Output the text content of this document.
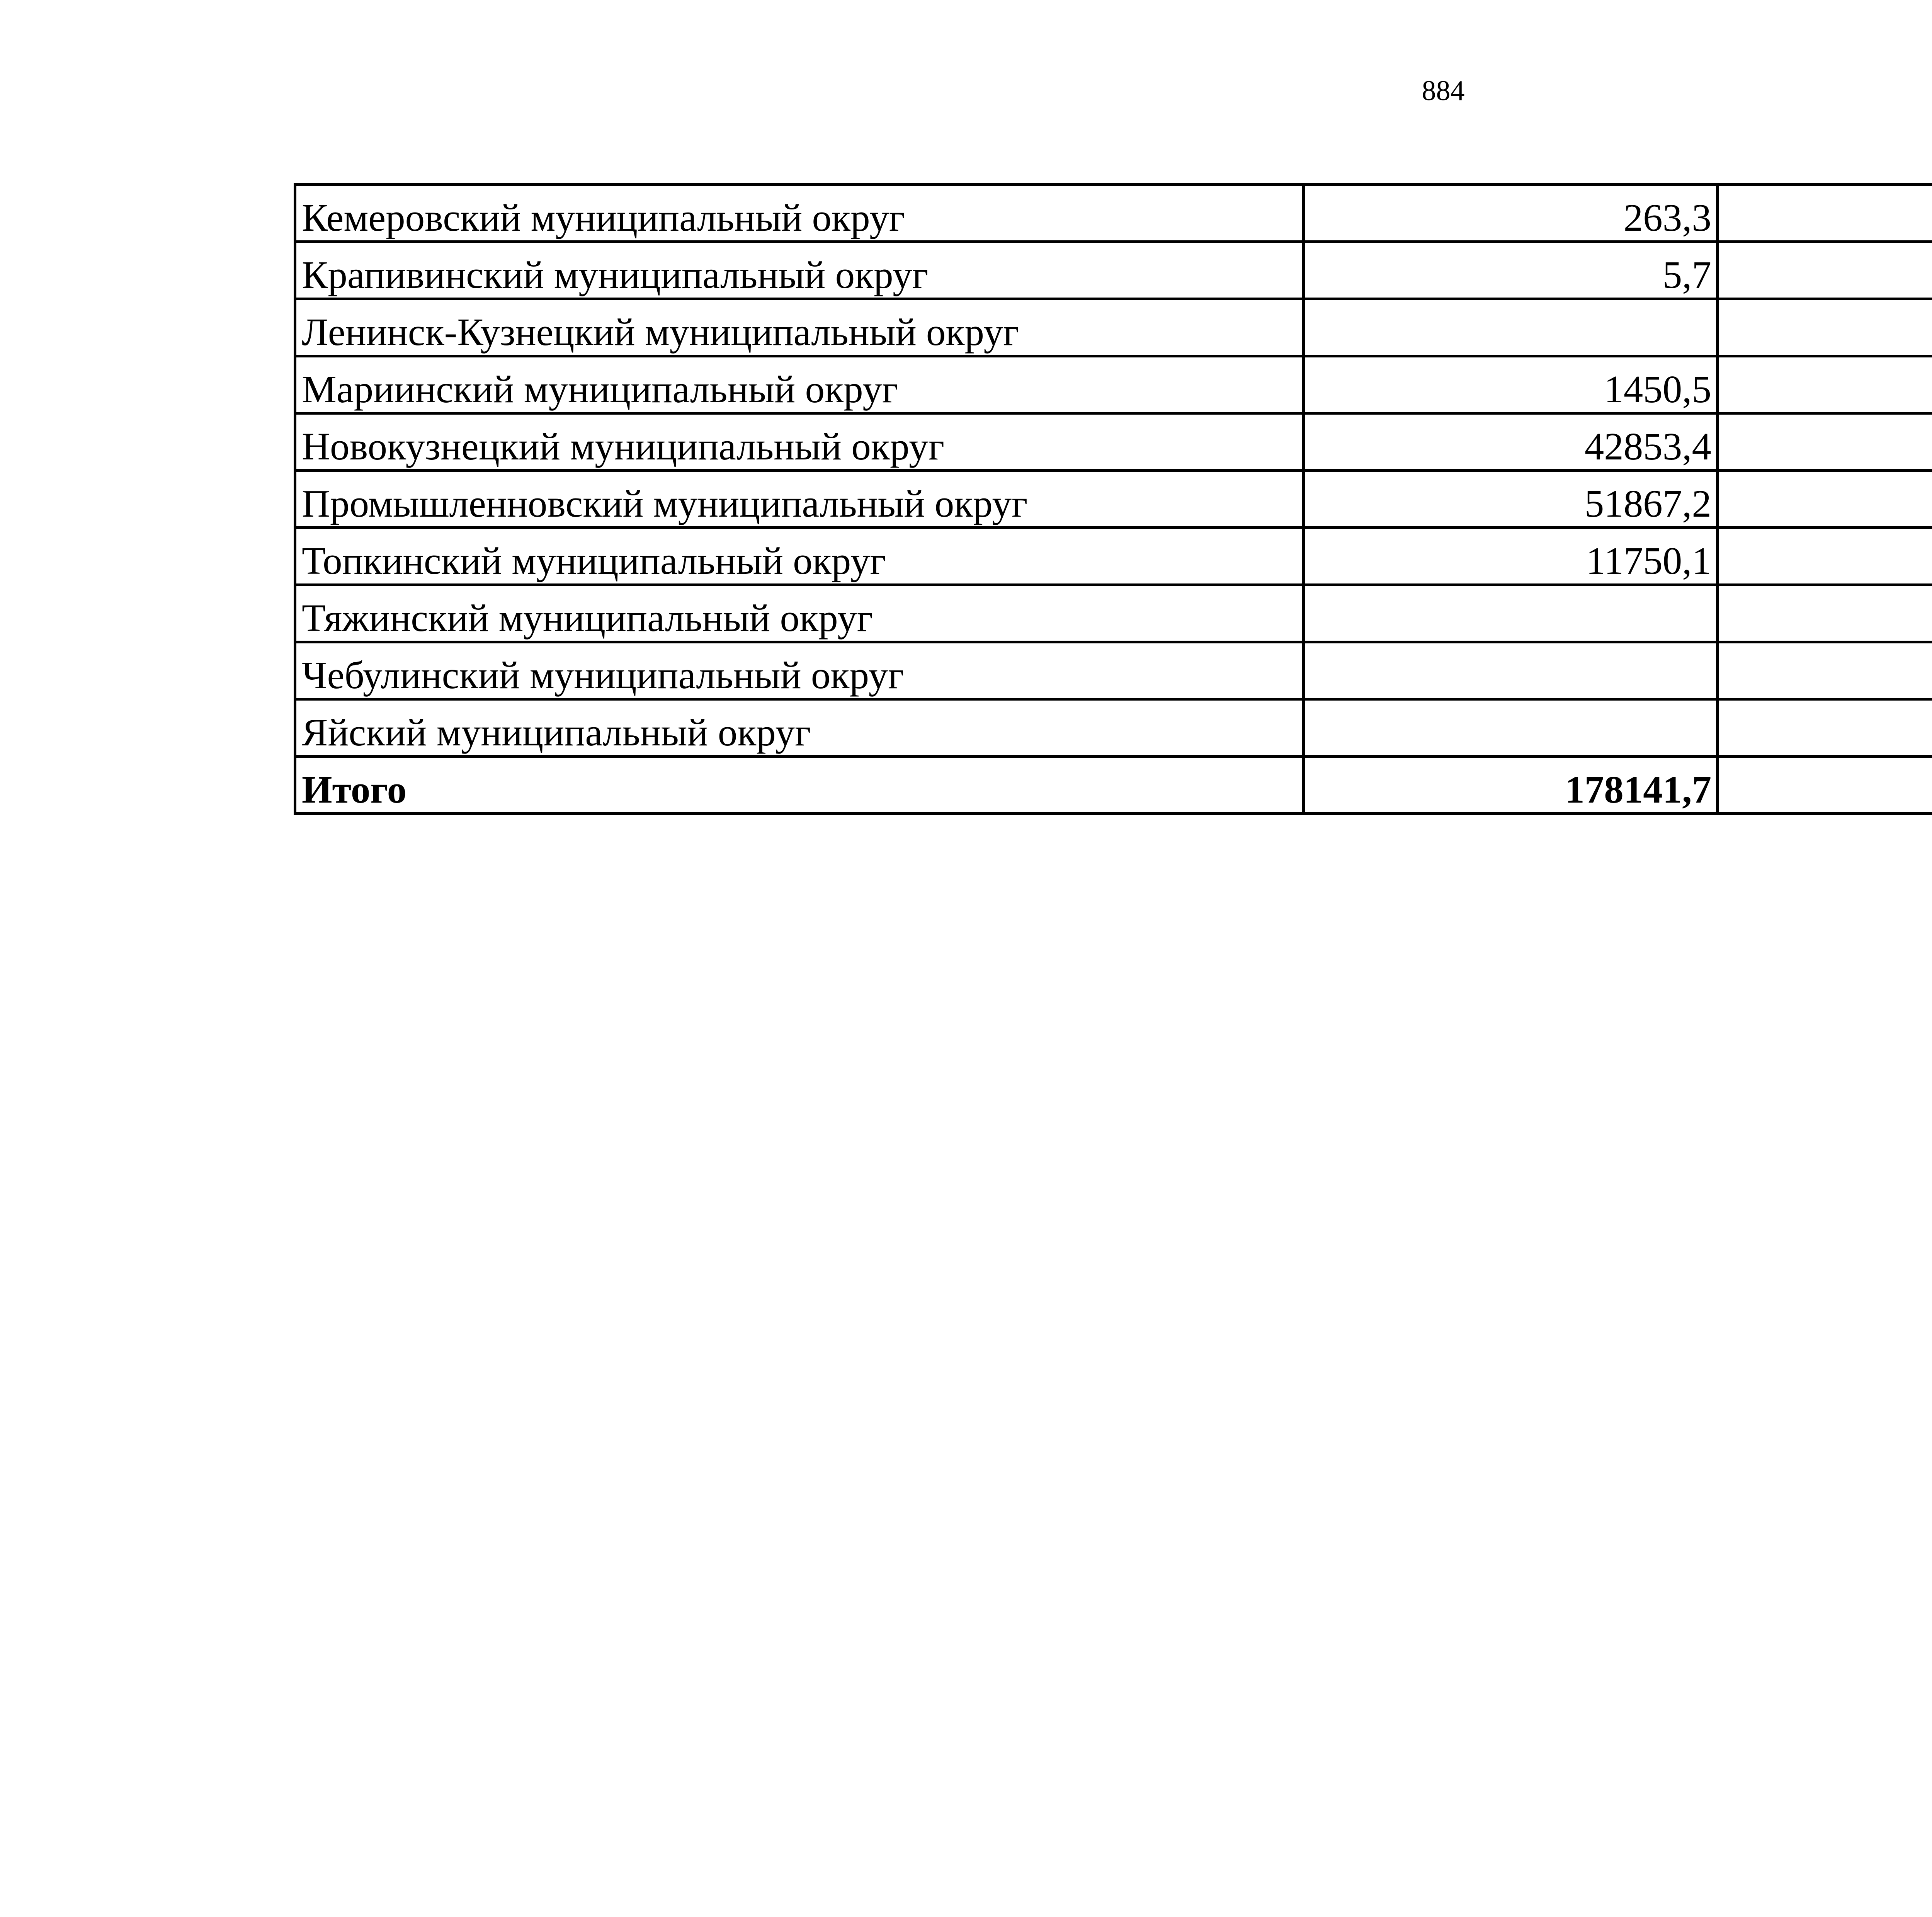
884
Кемеровский муниципальный округ	263,3		
Крапивинский муниципальный округ	5,7		
Ленинск-Кузнецкий муниципальный округ			
Мариинский муниципальный округ	1450,5		
Новокузнецкий муниципальный округ	42853,4		
Промышленновский муниципальный округ	51867,2		
Топкинский муниципальный округ	11750,1		
Тяжинский муниципальный округ			
Чебулинский муниципальный округ			
Яйский муниципальный округ			
Итого	178141,7		
